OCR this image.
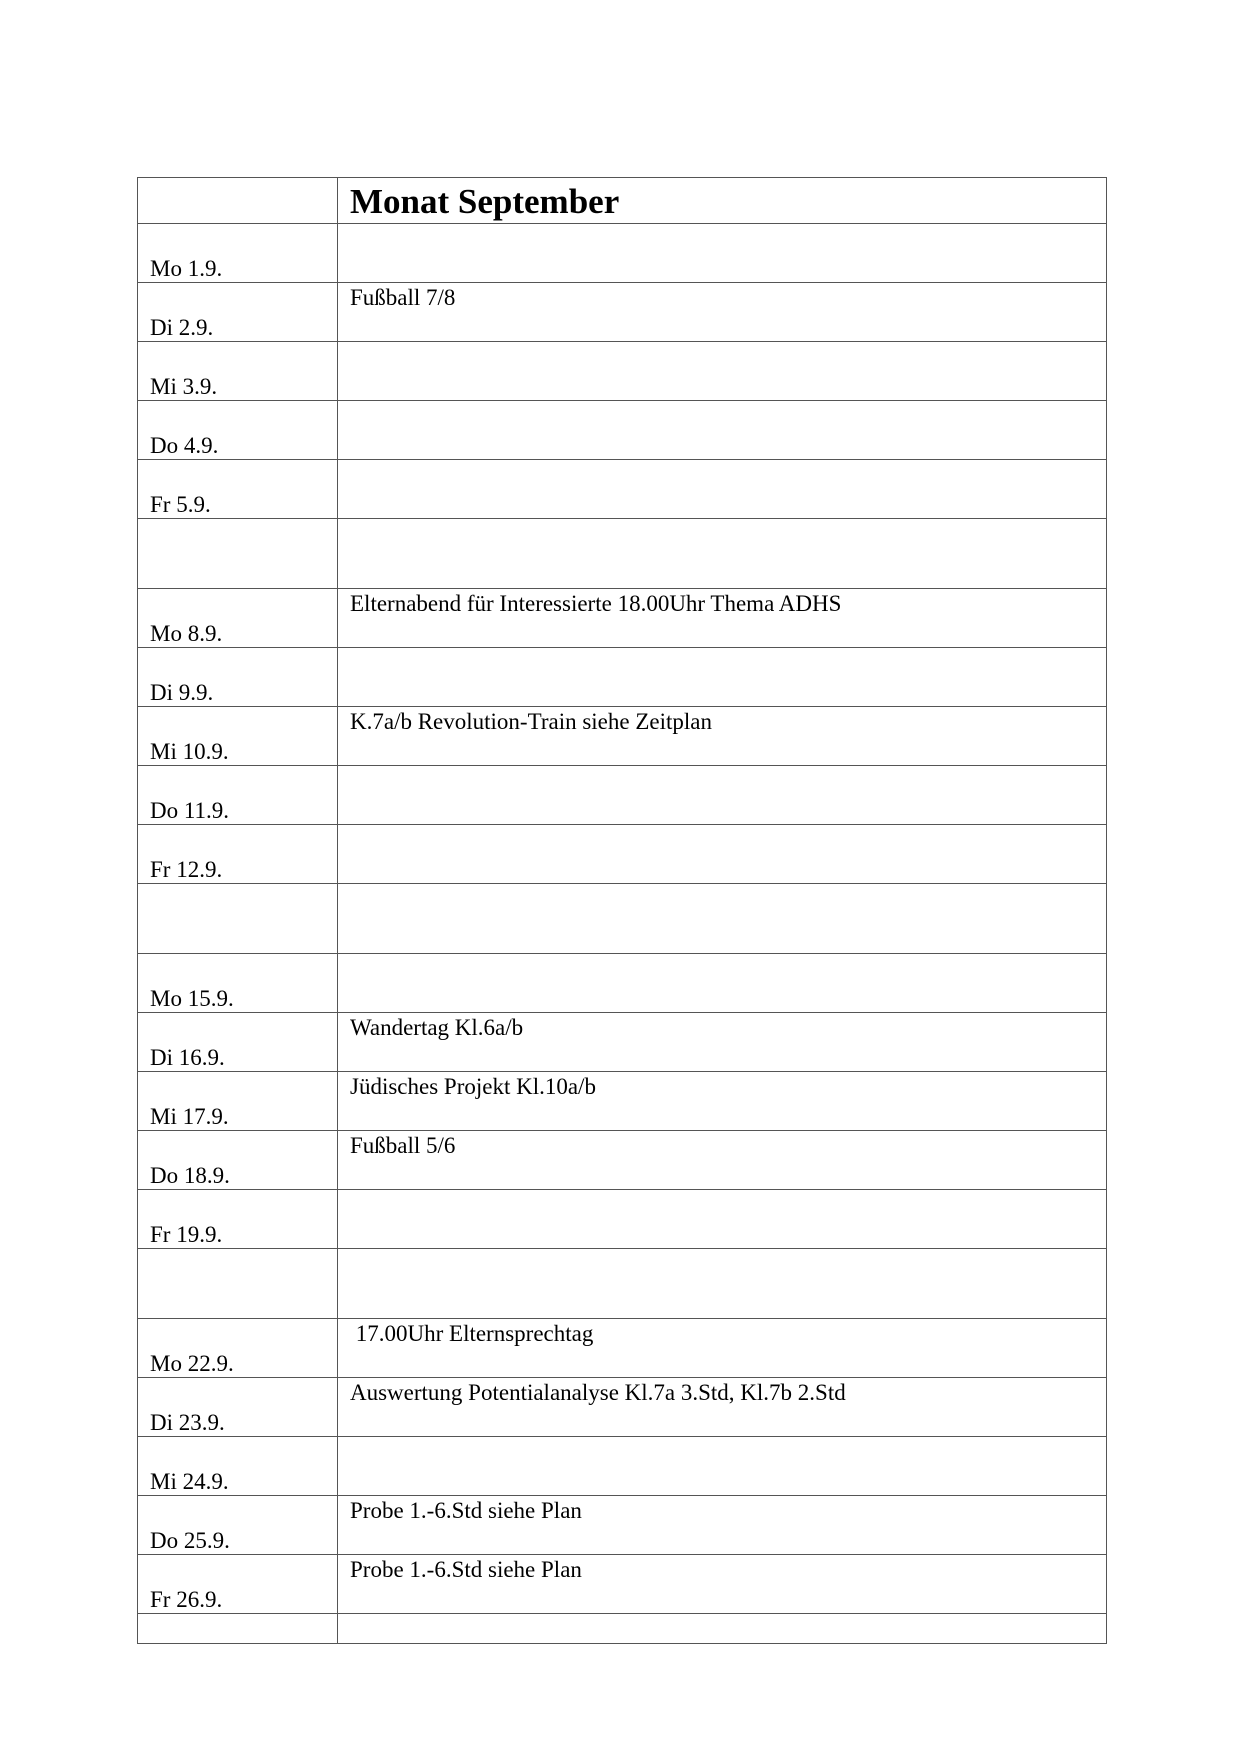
	Monat September

Mo 1.9.	

Di 2.9.	Fußball 7/8

Mi 3.9.	

Do 4.9.	

Fr 5.9.	

Mo 8.9.	Elternabend für Interessierte 18.00Uhr Thema ADHS

Di 9.9.	

Mi 10.9.	K.7a/b Revolution-Train siehe Zeitplan

Do 11.9.	

Fr 12.9.	

Mo 15.9.	

Di 16.9.	Wandertag Kl.6a/b

Mi 17.9.	Jüdisches Projekt Kl.10a/b

Do 18.9.	Fußball 5/6

Fr 19.9.	

Mo 22.9.	17.00Uhr Elternsprechtag

Di 23.9.	Auswertung Potentialanalyse Kl.7a 3.Std, Kl.7b 2.Std

Mi 24.9.	

Do 25.9.	Probe 1.-6.Std siehe Plan

Fr 26.9.	Probe 1.-6.Std siehe Plan
